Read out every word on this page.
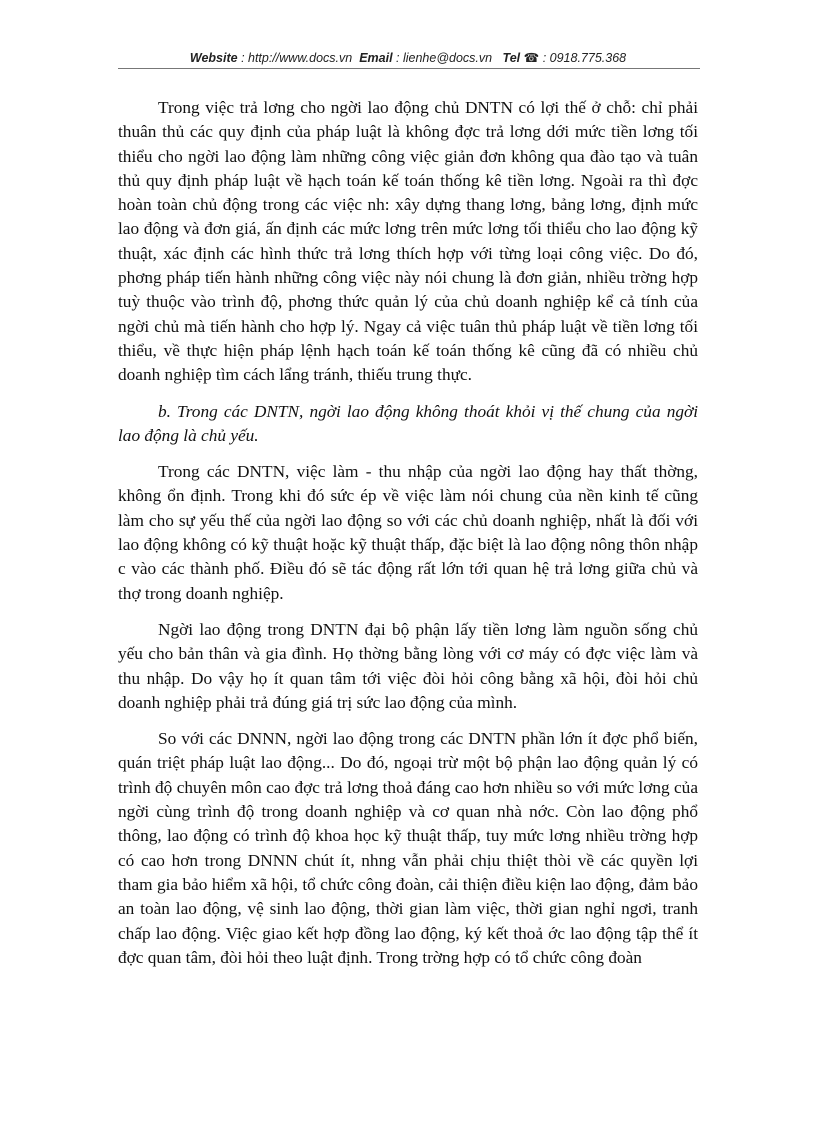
Website : http://www.docs.vn Email : lienhe@docs.vn Tel ☎ : 0918.775.368

Trong việc trả lơng cho ngời lao động chủ DNTN có lợi thế ở chỗ: chỉ phải thuân thủ các quy định của pháp luật là không đợc trả lơng dới mức tiền lơng tối thiểu cho ngời lao động làm những công việc giản đơn không qua đào tạo và tuân thủ quy định pháp luật về hạch toán kế toán thống kê tiền lơng. Ngoài ra thì đợc hoàn toàn chủ động trong các việc nh: xây dựng thang lơng, bảng lơng, định mức lao động và đơn giá, ấn định các mức lơng trên mức lơng tối thiểu cho lao động kỹ thuật, xác định các hình thức trả lơng thích hợp với từng loại công việc. Do đó, phơng pháp tiến hành những công việc này nói chung là đơn giản, nhiều trờng hợp tuỳ thuộc vào trình độ, phơng thức quản lý của chủ doanh nghiệp kể cả tính của ngời chủ mà tiến hành cho hợp lý. Ngay cả việc tuân thủ pháp luật về tiền lơng tối thiểu, về thực hiện pháp lệnh hạch toán kế toán thống kê cũng đã có nhiều chủ doanh nghiệp tìm cách lẩng tránh, thiếu trung thực.

b. Trong các DNTN, ngời lao động không thoát khỏi vị thế chung của ngời lao động là chủ yếu.

Trong các DNTN, việc làm - thu nhập của ngời lao động hay thất thờng, không ổn định. Trong khi đó sức ép về việc làm nói chung của nền kinh tế cũng làm cho sự yếu thế của ngời lao động so với các chủ doanh nghiệp, nhất là đối với lao động không có kỹ thuật hoặc kỹ thuật thấp, đặc biệt là lao động nông thôn nhập c vào các thành phố. Điều đó sẽ tác động rất lớn tới quan hệ trả lơng giữa chủ và thợ trong doanh nghiệp.

Ngời lao động trong DNTN đại bộ phận lấy tiền lơng làm nguồn sống chủ yếu cho bản thân và gia đình. Họ thờng bằng lòng với cơ máy có đợc việc làm và thu nhập. Do vậy họ ít quan tâm tới việc đòi hỏi công bằng xã hội, đòi hỏi chủ doanh nghiệp phải trả đúng giá trị sức lao động của mình.

So với các DNNN, ngời lao động trong các DNTN phần lớn ít đợc phổ biến, quán triệt pháp luật lao động... Do đó, ngoại trừ một bộ phận lao động quản lý có trình độ chuyên môn cao đợc trả lơng thoả đáng cao hơn nhiều so với mức lơng của ngời cùng trình độ trong doanh nghiệp và cơ quan nhà nớc. Còn lao động phổ thông, lao động có trình độ khoa học kỹ thuật thấp, tuy mức lơng nhiều trờng hợp có cao hơn trong DNNN chút ít, nhng vẫn phải chịu thiệt thòi về các quyền lợi tham gia bảo hiểm xã hội, tổ chức công đoàn, cải thiện điều kiện lao động, đảm bảo an toàn lao động, vệ sinh lao động, thời gian làm việc, thời gian nghỉ ngơi, tranh chấp lao động. Việc giao kết hợp đồng lao động, ký kết thoả ớc lao động tập thể ít đợc quan tâm, đòi hỏi theo luật định. Trong trờng hợp có tổ chức công đoàn
